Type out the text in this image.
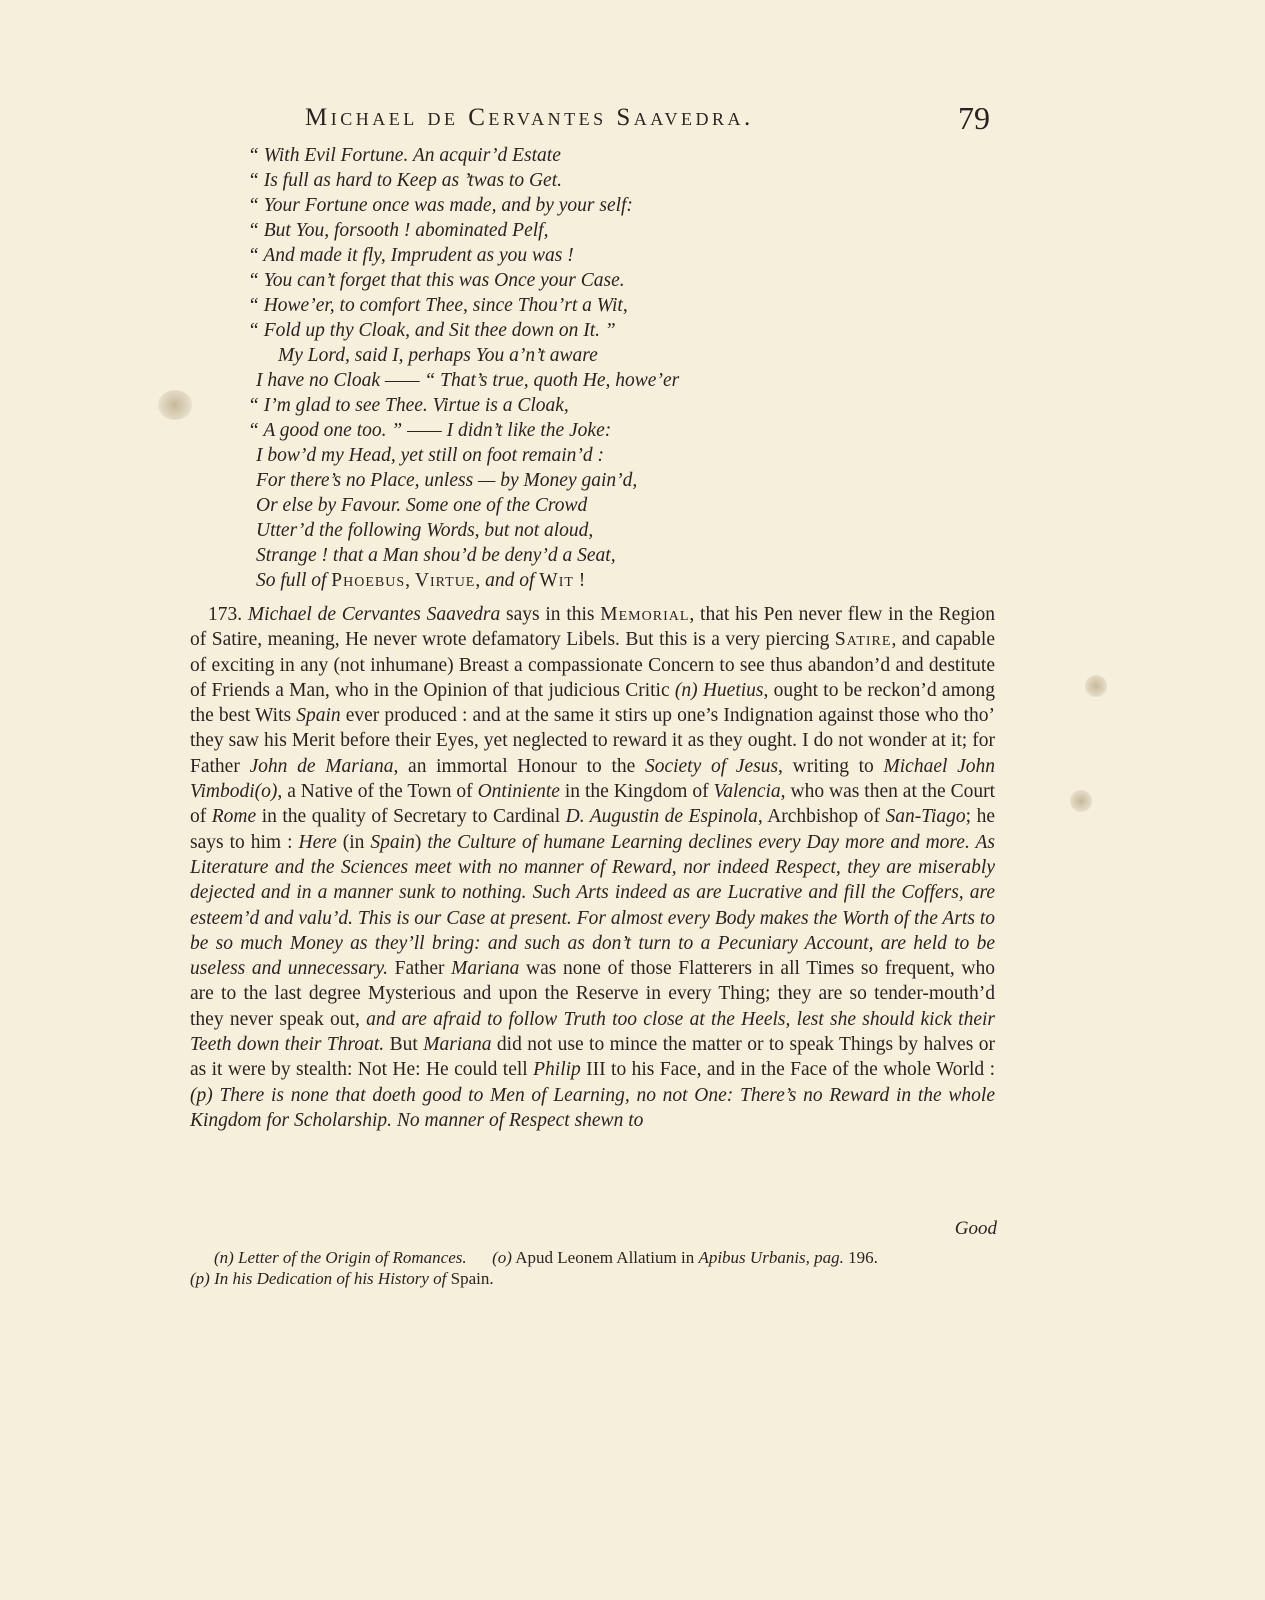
Michael de Cervantes Saavedra.	79
“ With Evil Fortune. An acquir’d Estate
“ Is full as hard to Keep as ’twas to Get.
“ Your Fortune once was made, and by your self:
“ But You, forsooth ! abominated Pelf,
“ And made it fly, Imprudent as you was !
“ You can’t forget that this was Once your Case.
“ Howe’er, to comfort Thee, since Thou’rt a Wit,
“ Fold up thy Cloak, and Sit thee down on It. ”
My Lord, said I, perhaps You a’n’t aware
I have no Cloak —— “ That’s true, quoth He, howe’er
“ I’m glad to see Thee. Virtue is a Cloak,
“ A good one too. ” —— I didn’t like the Joke:
I bow’d my Head, yet still on foot remain’d :
For there’s no Place, unless — by Money gain’d,
Or else by Favour. Some one of the Crowd
Utter’d the following Words, but not aloud,
Strange ! that a Man shou’d be deny’d a Seat,
So full of Phoebus, Virtue, and of Wit !
173. Michael de Cervantes Saavedra says in this Memorial, that his Pen never flew in the Region of Satire, meaning, He never wrote defamatory Libels. But this is a very piercing Satire, and capable of exciting in any (not inhumane) Breast a compassionate Concern to see thus abandon’d and destitute of Friends a Man, who in the Opinion of that judicious Critic (n) Huetius, ought to be reckon’d among the best Wits Spain ever produced : and at the same it stirs up one’s Indignation against those who tho’ they saw his Merit before their Eyes, yet neglected to reward it as they ought. I do not wonder at it; for Father John de Mariana, an immortal Honour to the Society of Jesus, writing to Michael John Vimbodi(o), a Native of the Town of Ontiniente in the Kingdom of Valencia, who was then at the Court of Rome in the quality of Secretary to Cardinal D. Augustin de Espinola, Archbishop of San-Tiago; he says to him : Here (in Spain) the Culture of humane Learning declines every Day more and more. As Literature and the Sciences meet with no manner of Reward, nor indeed Respect, they are miserably dejected and in a manner sunk to nothing. Such Arts indeed as are Lucrative and fill the Coffers, are esteem’d and valu’d. This is our Case at present. For almost every Body makes the Worth of the Arts to be so much Money as they’ll bring: and such as don’t turn to a Pecuniary Account, are held to be useless and unnecessary. Father Mariana was none of those Flatterers in all Times so frequent, who are to the last degree Mysterious and upon the Reserve in every Thing; they are so tender-mouth’d they never speak out, and are afraid to follow Truth too close at the Heels, lest she should kick their Teeth down their Throat. But Mariana did not use to mince the matter or to speak Things by halves or as it were by stealth: Not He: He could tell Philip III to his Face, and in the Face of the whole World : (p) There is none that doeth good to Men of Learning, no not One: There’s no Reward in the whole Kingdom for Scholarship. No manner of Respect shewn to
Good
(n) Letter of the Origin of Romances. (o) Apud Leonem Allatium in Apibus Urbanis, pag. 196.
(p) In his Dedication of his History of Spain.
